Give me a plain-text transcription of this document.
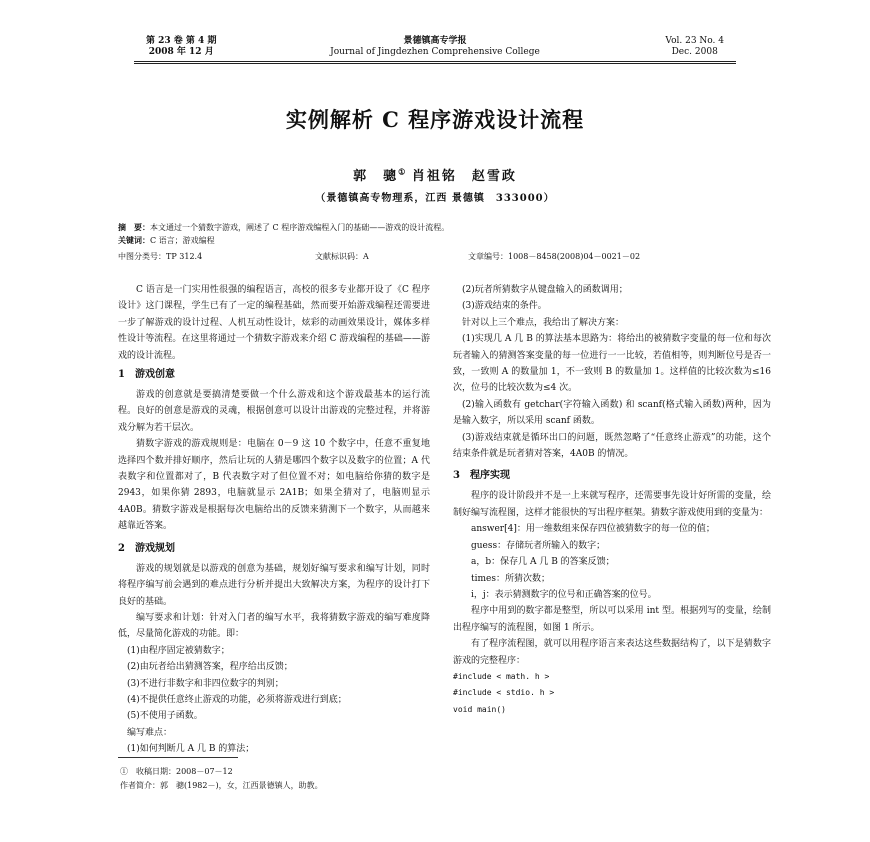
第 23 卷 第 4 期
2008 年 12 月
景德镇高专学报
Journal of Jingdezhen Comprehensive College
Vol. 23 No. 4
Dec. 2008
实例解析 C 程序游戏设计流程
郭　骢① 肖祖铭　赵雪政
（景德镇高专物理系，江西 景德镇　333000）
摘　要：本文通过一个猜数字游戏，阐述了 C 程序游戏编程入门的基础——游戏的设计流程。
关键词：C 语言；游戏编程
中图分类号：TP 312.4	文献标识码：A	文章编号：1008－8458(2008)04－0021－02

C 语言是一门实用性很强的编程语言，高校的很多专业都开设了《C 程序设计》这门课程，学生已有了一定的编程基础，然而要开始游戏编程还需要进一步了解游戏的设计过程、人机互动性设计，炫彩的动画效果设计，媒体多样性设计等流程。在这里将通过一个猜数字游戏来介绍 C 游戏编程的基础——游戏的设计流程。

1　游戏创意

游戏的创意就是要搞清楚要做一个什么游戏和这个游戏最基本的运行流程。良好的创意是游戏的灵魂，根据创意可以设计出游戏的完整过程，并将游戏分解为若干层次。

猜数字游戏的游戏规则是：电脑在 0－9 这 10 个数字中，任意不重复地选择四个数并排好顺序，然后让玩的人猜是哪四个数字以及数字的位置；A 代表数字和位置都对了，B 代表数字对了但位置不对；如电脑给你猜的数字是 2943，如果你猜 2893，电脑就显示 2A1B；如果全猜对了，电脑则显示 4A0B。猜数字游戏是根据每次电脑给出的反馈来猜测下一个数字，从而越来越靠近答案。

2　游戏规划

游戏的规划就是以游戏的创意为基础，规划好编写要求和编写计划，同时将程序编写前会遇到的难点进行分析并提出大致解决方案，为程序的设计打下良好的基础。

编写要求和计划：针对入门者的编写水平，我将猜数字游戏的编写难度降低，尽量简化游戏的功能。即：

(1)由程序固定被猜数字；

(2)由玩者给出猜测答案，程序给出反馈；

(3)不进行非数字和非四位数字的判别；

(4)不提供任意终止游戏的功能，必须将游戏进行到底；

(5)不使用子函数。

编写难点：

(1)如何判断几 A 几 B 的算法；

(2)玩者所猜数字从键盘输入的函数调用；

(3)游戏结束的条件。

针对以上三个难点，我给出了解决方案：

(1)实现几 A 几 B 的算法基本思路为：将给出的被猜数字变量的每一位和每次玩者输入的猜测答案变量的每一位进行一一比较，若值相等，则判断位号是否一致，一致则 A 的数量加 1，不一致则 B 的数量加 1。这样值的比较次数为≤16 次，位号的比较次数为≤4 次。

(2)输入函数有 getchar(字符输入函数) 和 scanf(格式输入函数)两种，因为是输入数字，所以采用 scanf 函数。

(3)游戏结束就是循环出口的问题，既然忽略了“任意终止游戏”的功能，这个结束条件就是玩者猜对答案，4A0B 的情况。

3　程序实现

程序的设计阶段并不是一上来就写程序，还需要事先设计好所需的变量，绘制好编写流程图，这样才能很快的写出程序框架。猜数字游戏使用到的变量为：

answer[4]：用一维数组来保存四位被猜数字的每一位的值；

guess：存储玩者所输入的数字；

a，b：保存几 A 几 B 的答案反馈；

times：所猜次数；

i，j：表示猜测数字的位号和正确答案的位号。

程序中用到的数字都是整型，所以可以采用 int 型。根据列写的变量，绘制出程序编写的流程图，如图 1 所示。

有了程序流程图，就可以用程序语言来表达这些数据结构了，以下是猜数字游戏的完整程序：

#include < math. h >

#include < stdio. h >

void main()

①　收稿日期：2008－07－12
作者简介：郭　骢(1982－)，女，江西景德镇人，助教。
